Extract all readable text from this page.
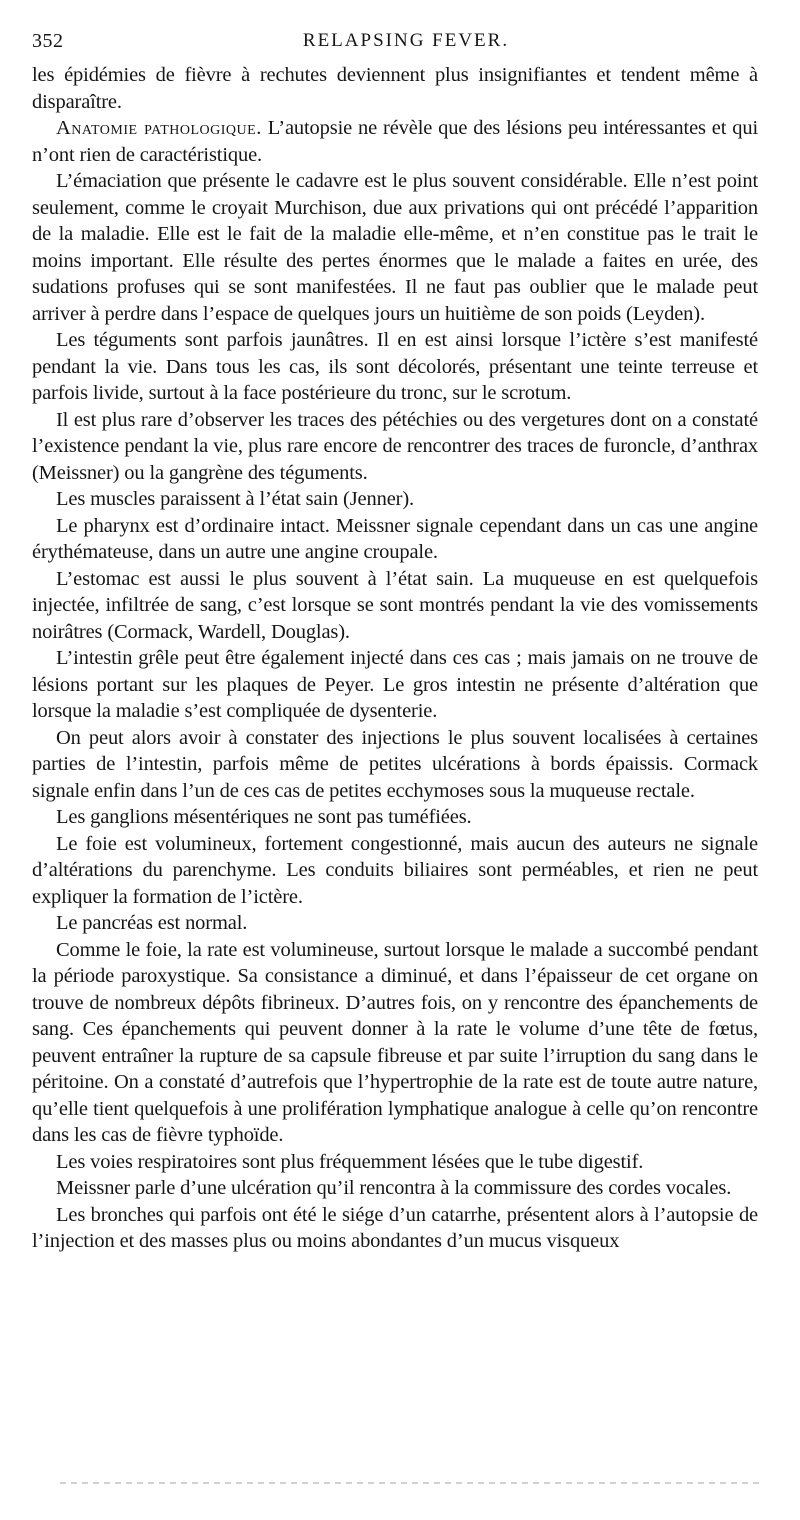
352	RELAPSING FEVER.

les épidémies de fièvre à rechutes deviennent plus insignifiantes et tendent même à disparaître.

Anatomie pathologique. L’autopsie ne révèle que des lésions peu intéressantes et qui n’ont rien de caractéristique.

L’émaciation que présente le cadavre est le plus souvent considérable. Elle n’est point seulement, comme le croyait Murchison, due aux privations qui ont précédé l’apparition de la maladie. Elle est le fait de la maladie elle-même, et n’en constitue pas le trait le moins important. Elle résulte des pertes énormes que le malade a faites en urée, des sudations profuses qui se sont manifestées. Il ne faut pas oublier que le malade peut arriver à perdre dans l’espace de quelques jours un huitième de son poids (Leyden).

Les téguments sont parfois jaunâtres. Il en est ainsi lorsque l’ictère s’est manifesté pendant la vie. Dans tous les cas, ils sont décolorés, présentant une teinte terreuse et parfois livide, surtout à la face postérieure du tronc, sur le scrotum.

Il est plus rare d’observer les traces des pétéchies ou des vergetures dont on a constaté l’existence pendant la vie, plus rare encore de rencontrer des traces de furoncle, d’anthrax (Meissner) ou la gangrène des téguments.

Les muscles paraissent à l’état sain (Jenner).

Le pharynx est d’ordinaire intact. Meissner signale cependant dans un cas une angine érythémateuse, dans un autre une angine croupale.

L’estomac est aussi le plus souvent à l’état sain. La muqueuse en est quelquefois injectée, infiltrée de sang, c’est lorsque se sont montrés pendant la vie des vomissements noirâtres (Cormack, Wardell, Douglas).

L’intestin grêle peut être également injecté dans ces cas ; mais jamais on ne trouve de lésions portant sur les plaques de Peyer. Le gros intestin ne présente d’altération que lorsque la maladie s’est compliquée de dysenterie.

On peut alors avoir à constater des injections le plus souvent localisées à certaines parties de l’intestin, parfois même de petites ulcérations à bords épaissis. Cormack signale enfin dans l’un de ces cas de petites ecchymoses sous la muqueuse rectale.

Les ganglions mésentériques ne sont pas tuméfiées.

Le foie est volumineux, fortement congestionné, mais aucun des auteurs ne signale d’altérations du parenchyme. Les conduits biliaires sont perméables, et rien ne peut expliquer la formation de l’ictère.

Le pancréas est normal.

Comme le foie, la rate est volumineuse, surtout lorsque le malade a succombé pendant la période paroxystique. Sa consistance a diminué, et dans l’épaisseur de cet organe on trouve de nombreux dépôts fibrineux. D’autres fois, on y rencontre des épanchements de sang. Ces épanchements qui peuvent donner à la rate le volume d’une tête de fœtus, peuvent entraîner la rupture de sa capsule fibreuse et par suite l’irruption du sang dans le péritoine. On a constaté d’autrefois que l’hypertrophie de la rate est de toute autre nature, qu’elle tient quelquefois à une prolifération lymphatique analogue à celle qu’on rencontre dans les cas de fièvre typhoïde.

Les voies respiratoires sont plus fréquemment lésées que le tube digestif.

Meissner parle d’une ulcération qu’il rencontra à la commissure des cordes vocales.

Les bronches qui parfois ont été le siége d’un catarrhe, présentent alors à l’autopsie de l’injection et des masses plus ou moins abondantes d’un mucus visqueux
